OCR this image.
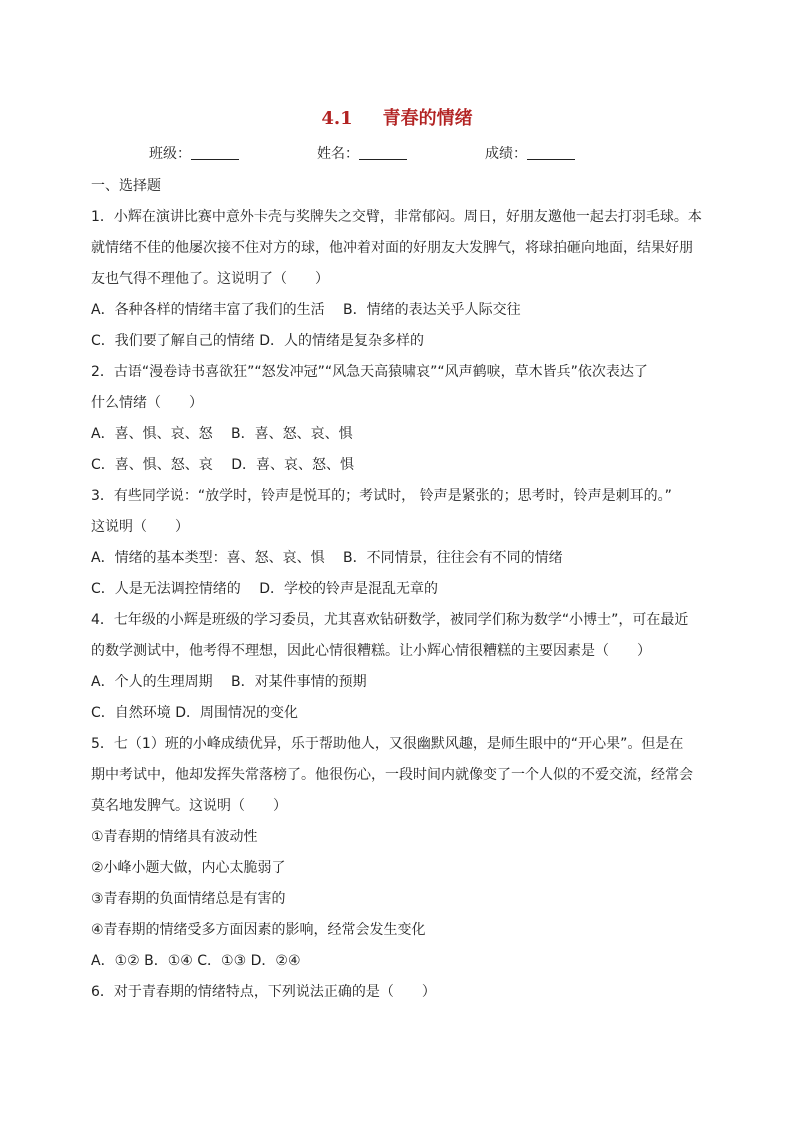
4.1 青春的情绪
班级：	姓名：	成绩：
一、选择题
1．小辉在演讲比赛中意外卡壳与奖牌失之交臂，非常郁闷。周日，好朋友邀他一起去打羽毛球。本
就情绪不佳的他屡次接不住对方的球，他冲着对面的好朋友大发脾气，将球拍砸向地面，结果好朋
友也气得不理他了。这说明了（　　）
A．各种各样的情绪丰富了我们的生活　 B．情绪的表达关乎人际交往
C．我们要了解自己的情绪 D．人的情绪是复杂多样的
2．古语“漫卷诗书喜欲狂”“怒发冲冠”“风急天高猿啸哀”“风声鹤唳，草木皆兵”依次表达了
什么情绪（　　）
A．喜、惧、哀、怒　 B．喜、怒、哀、惧
C．喜、惧、怒、哀　 D．喜、哀、怒、惧
3．有些同学说：“放学时，铃声是悦耳的；考试时， 铃声是紧张的；思考时，铃声是刺耳的。”
这说明（　　）
A．情绪的基本类型：喜、怒、哀、惧　 B．不同情景，往往会有不同的情绪
C．人是无法调控情绪的　 D．学校的铃声是混乱无章的
4．七年级的小辉是班级的学习委员，尤其喜欢钻研数学，被同学们称为数学“小博士”，可在最近
的数学测试中，他考得不理想，因此心情很糟糕。让小辉心情很糟糕的主要因素是（　　）
A．个人的生理周期　 B．对某件事情的预期
C．自然环境 D．周围情况的变化
5．七（1）班的小峰成绩优异，乐于帮助他人，又很幽默风趣，是师生眼中的“开心果”。但是在
期中考试中，他却发挥失常落榜了。他很伤心，一段时间内就像变了一个人似的不爱交流，经常会
莫名地发脾气。这说明（　　）
①青春期的情绪具有波动性
②小峰小题大做，内心太脆弱了
③青春期的负面情绪总是有害的
④青春期的情绪受多方面因素的影响，经常会发生变化
A．①② B．①④ C．①③ D．②④
6．对于青春期的情绪特点，下列说法正确的是（　　）
